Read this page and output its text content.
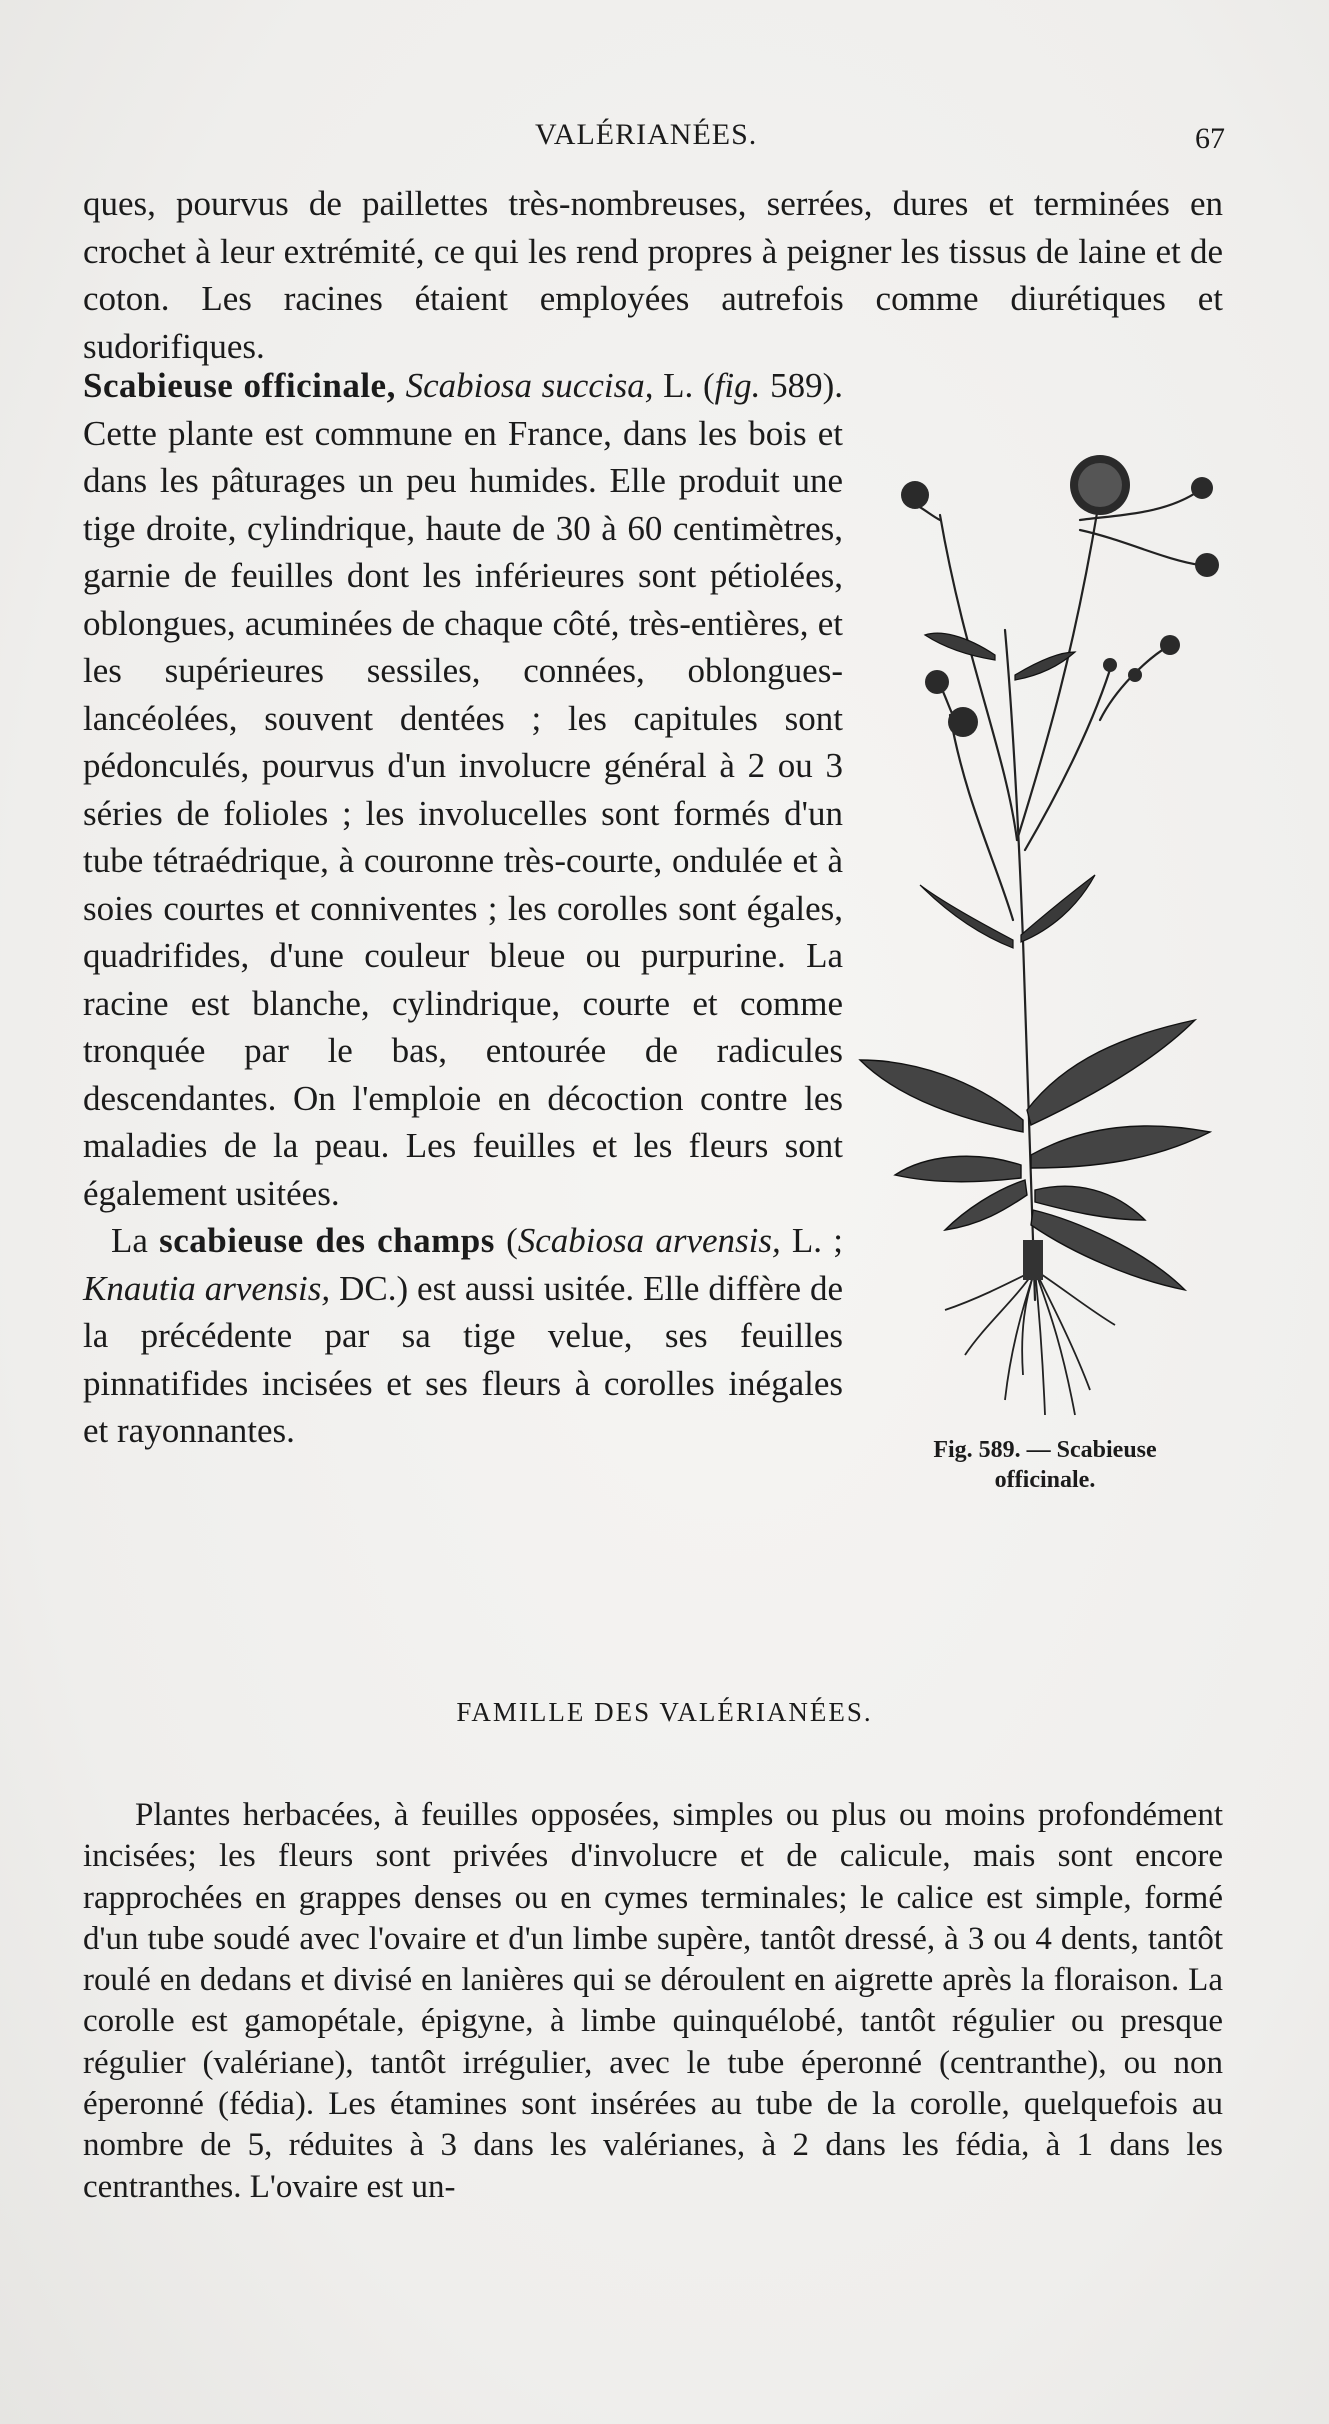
VALÉRIANÉES.	67
ques, pourvus de paillettes très-nombreuses, serrées, dures et terminées en crochet à leur extrémité, ce qui les rend propres à peigner les tissus de laine et de coton. Les racines étaient employées autrefois comme diurétiques et sudorifiques.

Scabieuse officinale, Scabiosa succisa, L. (fig. 589). Cette plante est commune en France, dans les bois et dans les pâturages un peu humides. Elle produit une tige droite, cylindrique, haute de 30 à 60 centimètres, garnie de feuilles dont les inférieures sont pétiolées, oblongues, acuminées de chaque côté, très-entières, et les supérieures sessiles, connées, oblongues-lancéolées, souvent dentées ; les capitules sont pédonculés, pourvus d'un involucre général à 2 ou 3 séries de folioles ; les involucelles sont formés d'un tube tétraédrique, à couronne très-courte, ondulée et à soies courtes et conniventes ; les corolles sont égales, quadrifides, d'une couleur bleue ou purpurine. La racine est blanche, cylindrique, courte et comme tronquée par le bas, entourée de radicules descendantes. On l'emploie en décoction contre les maladies de la peau. Les feuilles et les fleurs sont également usitées.

La scabieuse des champs (Scabiosa arvensis, L. ; Knautia arvensis, DC.) est aussi usitée. Elle diffère de la précédente par sa tige velue, ses feuilles pinnatifides incisées et ses fleurs à corolles inégales et rayonnantes.	Fig. 589. — Scabieuse
officinale.
FAMILLE DES VALÉRIANÉES.

Plantes herbacées, à feuilles opposées, simples ou plus ou moins profondément incisées; les fleurs sont privées d'involucre et de calicule, mais sont encore rapprochées en grappes denses ou en cymes terminales; le calice est simple, formé d'un tube soudé avec l'ovaire et d'un limbe supère, tantôt dressé, à 3 ou 4 dents, tantôt roulé en dedans et divisé en lanières qui se déroulent en aigrette après la floraison. La corolle est gamopétale, épigyne, à limbe quinquélobé, tantôt régulier ou presque régulier (valériane), tantôt irrégulier, avec le tube éperonné (centranthe), ou non éperonné (fédia). Les étamines sont insérées au tube de la corolle, quelquefois au nombre de 5, réduites à 3 dans les valérianes, à 2 dans les fédia, à 1 dans les centranthes. L'ovaire est un-
